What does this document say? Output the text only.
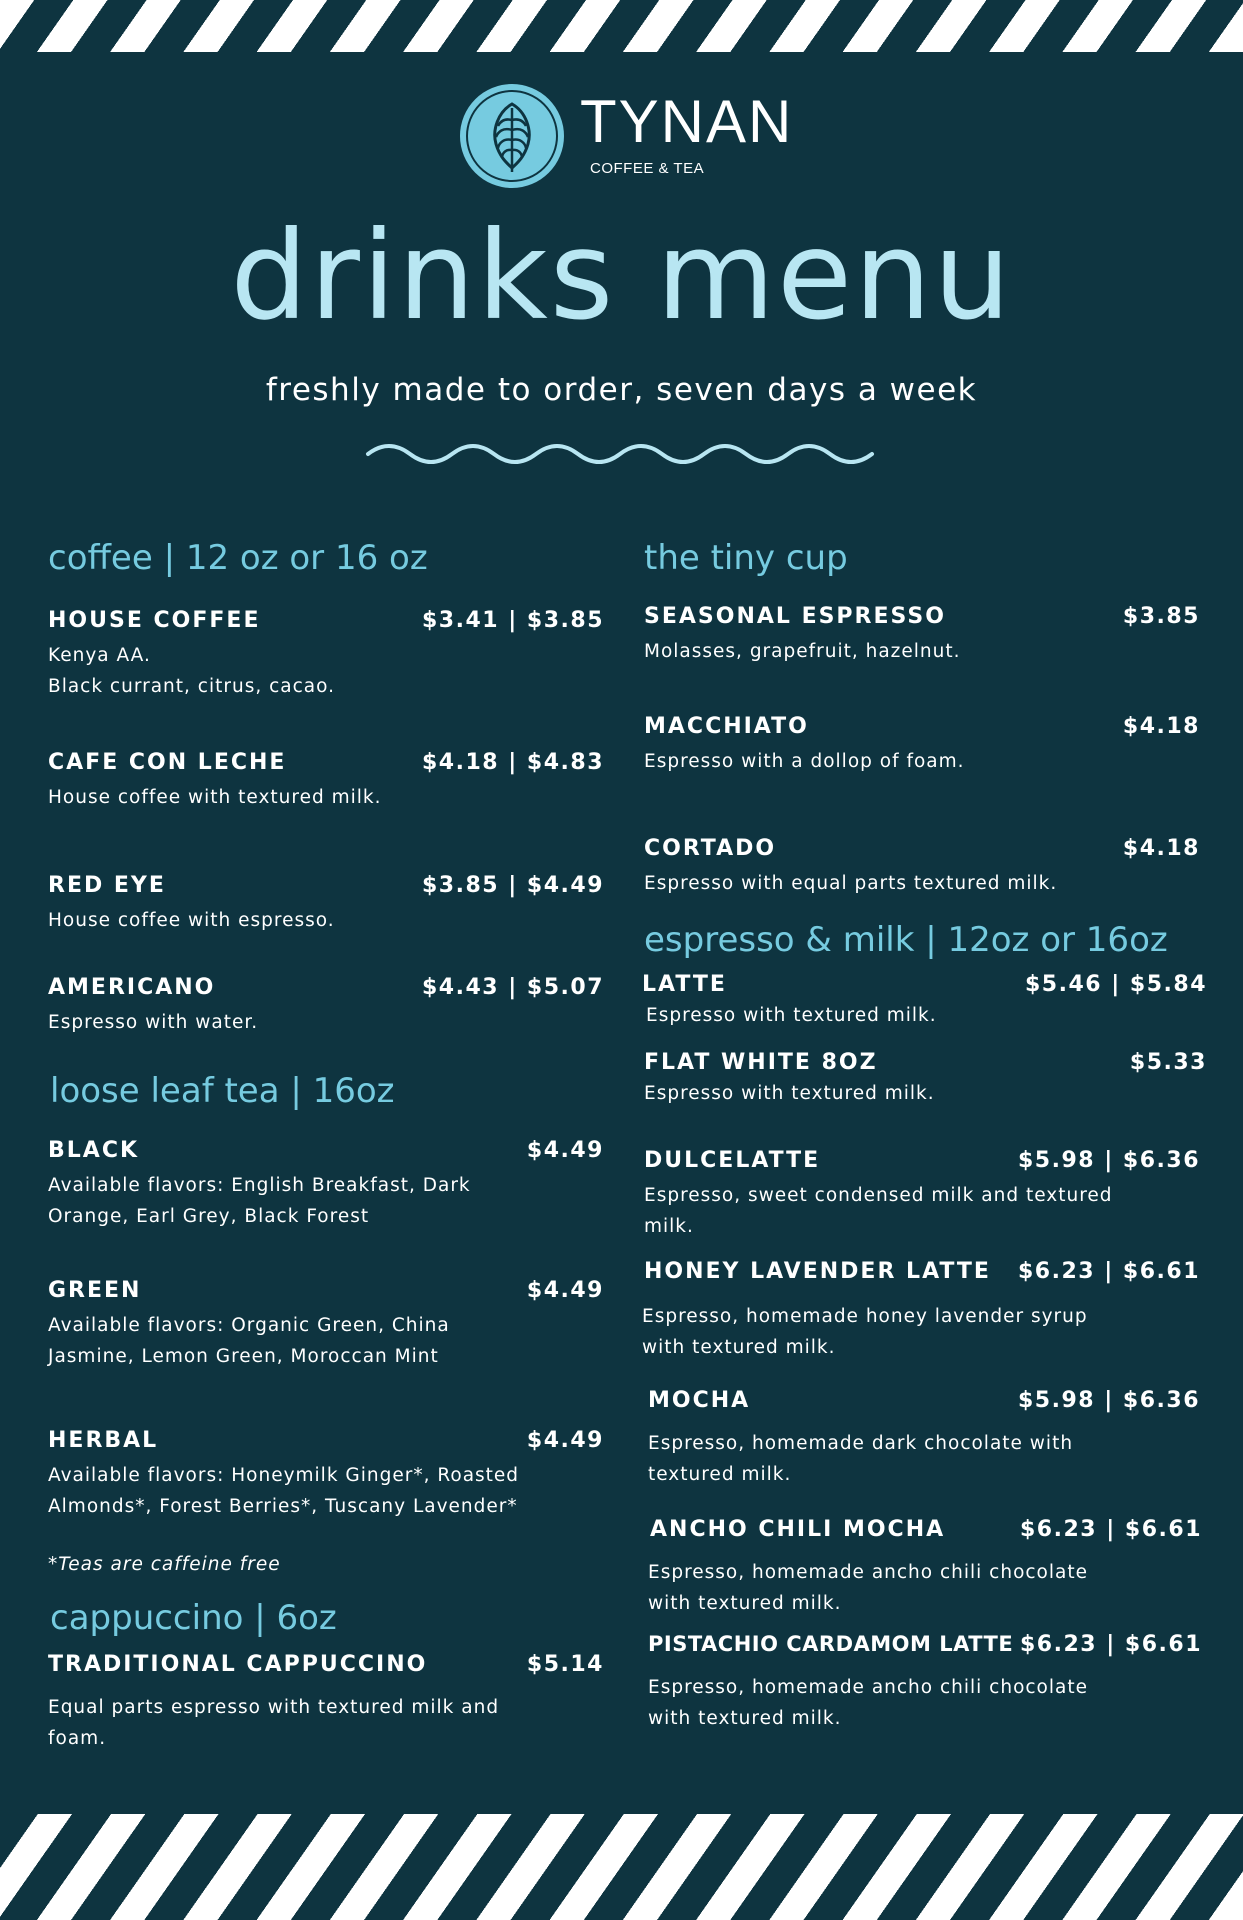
TYNAN
COFFEE & TEA
drinks menu
freshly made to order, seven days a week
coffee | 12 oz or 16 oz
HOUSE COFFEE	$3.41 | $3.85
Kenya AA.
Black currant, citrus, cacao.
CAFE CON LECHE	$4.18 | $4.83
House coffee with textured milk.
RED EYE	$3.85 | $4.49
House coffee with espresso.
AMERICANO	$4.43 | $5.07
Espresso with water.
loose leaf tea | 16oz
BLACK	$4.49
Available flavors: English Breakfast, Dark
Orange, Earl Grey, Black Forest
GREEN	$4.49
Available flavors: Organic Green, China
Jasmine, Lemon Green, Moroccan Mint
HERBAL	$4.49
Available flavors: Honeymilk Ginger*, Roasted
Almonds*, Forest Berries*, Tuscany Lavender*
*Teas are caffeine free
cappuccino | 6oz
TRADITIONAL CAPPUCCINO	$5.14
Equal parts espresso with textured milk and
foam.
the tiny cup
SEASONAL ESPRESSO	$3.85
Molasses, grapefruit, hazelnut.
MACCHIATO	$4.18
Espresso with a dollop of foam.
CORTADO	$4.18
Espresso with equal parts textured milk.
espresso & milk | 12oz or 16oz
LATTE	$5.46 | $5.84
Espresso with textured milk.
FLAT WHITE 8OZ	$5.33
Espresso with textured milk.
DULCELATTE	$5.98 | $6.36
Espresso, sweet condensed milk and textured
milk.
HONEY LAVENDER LATTE $6.23 | $6.61
Espresso, homemade honey lavender syrup
with textured milk.
MOCHA	$5.98 | $6.36
Espresso, homemade dark chocolate with
textured milk.
ANCHO CHILI MOCHA	$6.23 | $6.61
Espresso, homemade ancho chili chocolate
with textured milk.
PISTACHIO CARDAMOM LATTE $6.23 | $6.61
Espresso, homemade ancho chili chocolate
with textured milk.
